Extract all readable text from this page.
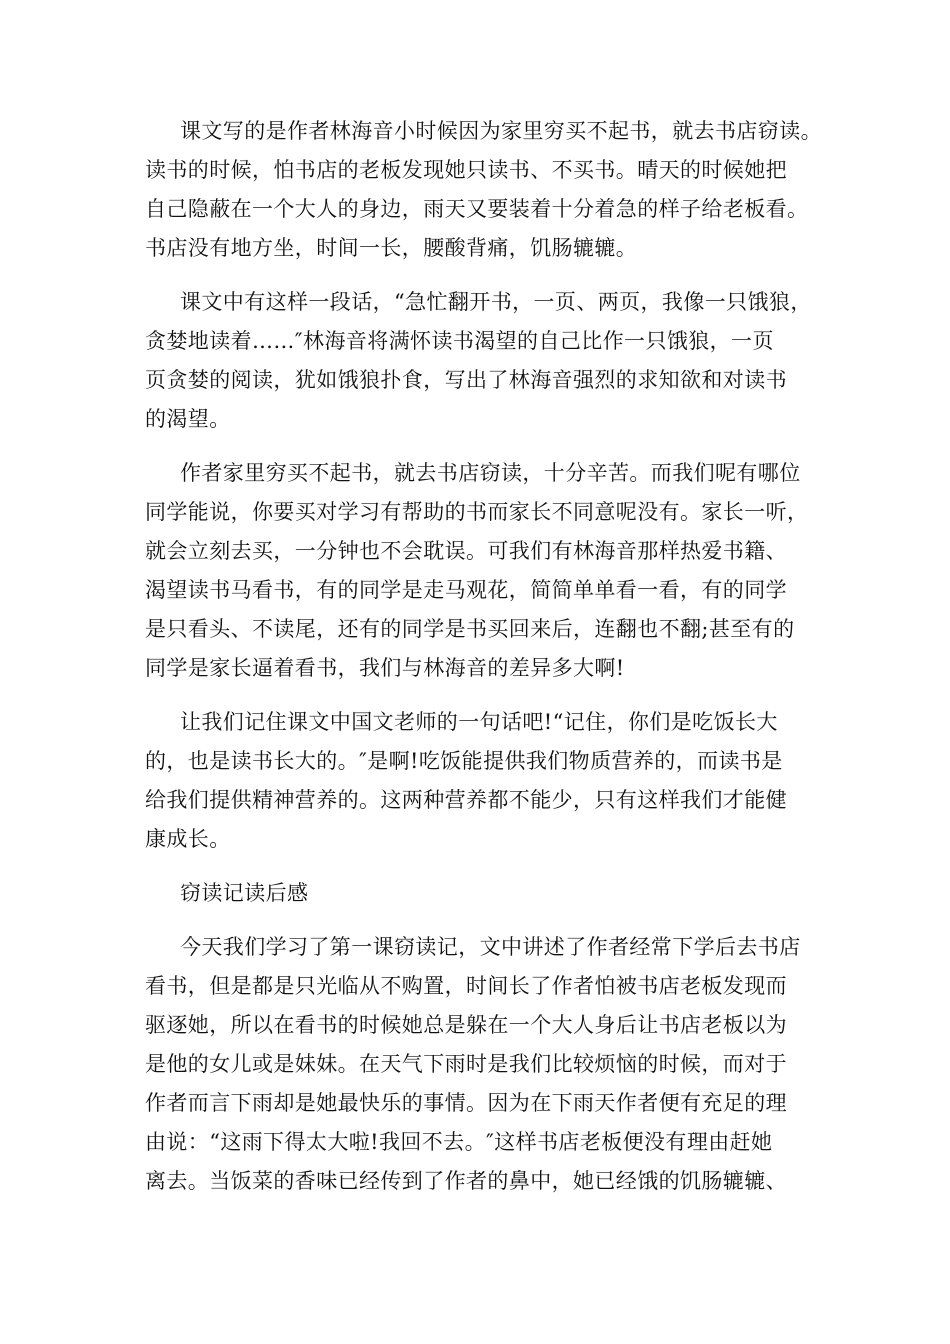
课文写的是作者林海音小时候因为家里穷买不起书，就去书店窃读。
读书的时候，怕书店的老板发现她只读书、不买书。晴天的时候她把
自己隐蔽在一个大人的身边，雨天又要装着十分着急的样子给老板看。
书店没有地方坐，时间一长，腰酸背痛，饥肠辘辘。
课文中有这样一段话，“急忙翻开书，一页、两页，我像一只饿狼，
贪婪地读着……″林海音将满怀读书渴望的自己比作一只饿狼，一页
页贪婪的阅读，犹如饿狼扑食，写出了林海音强烈的求知欲和对读书
的渴望。
作者家里穷买不起书，就去书店窃读，十分辛苦。而我们呢有哪位
同学能说，你要买对学习有帮助的书而家长不同意呢没有。家长一听，
就会立刻去买，一分钟也不会耽误。可我们有林海音那样热爱书籍、
渴望读书马看书，有的同学是走马观花，简简单单看一看，有的同学
是只看头、不读尾，还有的同学是书买回来后，连翻也不翻;甚至有的
同学是家长逼着看书，我们与林海音的差异多大啊!
让我们记住课文中国文老师的一句话吧!“记住，你们是吃饭长大
的，也是读书长大的。″是啊!吃饭能提供我们物质营养的，而读书是
给我们提供精神营养的。这两种营养都不能少，只有这样我们才能健
康成长。
窃读记读后感
今天我们学习了第一课窃读记，文中讲述了作者经常下学后去书店
看书，但是都是只光临从不购置，时间长了作者怕被书店老板发现而
驱逐她，所以在看书的时候她总是躲在一个大人身后让书店老板以为
是他的女儿或是妹妹。在天气下雨时是我们比较烦恼的时候，而对于
作者而言下雨却是她最快乐的事情。因为在下雨天作者便有充足的理
由说：“这雨下得太大啦!我回不去。″这样书店老板便没有理由赶她
离去。当饭菜的香味已经传到了作者的鼻中，她已经饿的饥肠辘辘、
